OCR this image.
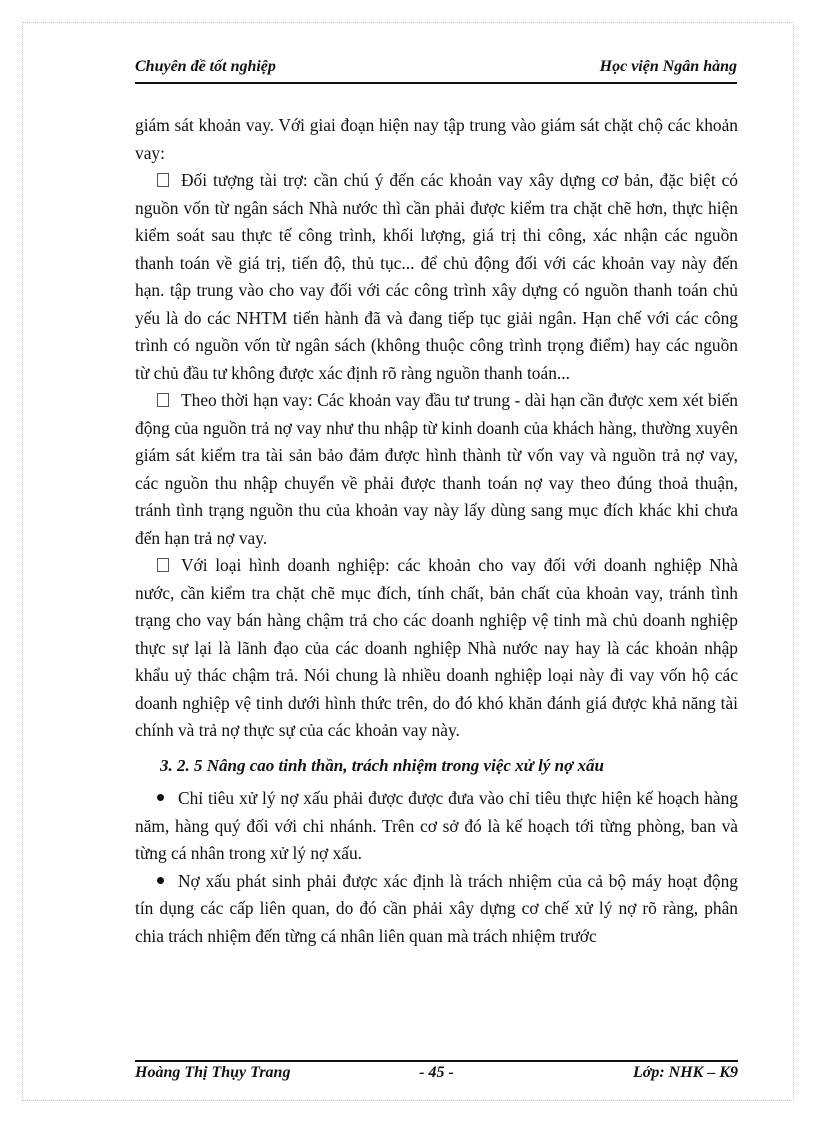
Chuyên đề tốt nghiệp	Học viện Ngân hàng

giám sát khoản vay. Với giai đoạn hiện nay tập trung vào giám sát chặt chộ các khoản vay:

Đối tượng tài trợ: cần chú ý đến các khoản vay xây dựng cơ bản, đặc biệt có nguồn vốn từ ngân sách Nhà nước thì cần phải được kiểm tra chặt chẽ hơn, thực hiện kiểm soát sau thực tế công trình, khối lượng, giá trị thi công, xác nhận các nguồn thanh toán về giá trị, tiến độ, thủ tục... để chủ động đối với các khoản vay này đến hạn. tập trung vào cho vay đối với các công trình xây dựng có nguồn thanh toán chủ yếu là do các NHTM tiến hành đã và đang tiếp tục giải ngân. Hạn chế với các công trình có nguồn vốn từ ngân sách (không thuộc công trình trọng điểm) hay các nguồn từ chủ đầu tư không được xác định rõ ràng nguồn thanh toán...

Theo thời hạn vay: Các khoản vay đầu tư trung - dài hạn cần được xem xét biến động của nguồn trả nợ vay như thu nhập từ kinh doanh của khách hàng, thường xuyên giám sát kiểm tra tài sản bảo đảm được hình thành từ vốn vay và nguồn trả nợ vay, các nguồn thu nhập chuyển về phải được thanh toán nợ vay theo đúng thoả thuận, tránh tình trạng nguồn thu của khoản vay này lấy dùng sang mục đích khác khi chưa đến hạn trả nợ vay.

Với loại hình doanh nghiệp: các khoản cho vay đối với doanh nghiệp Nhà nước, cần kiểm tra chặt chẽ mục đích, tính chất, bản chất của khoản vay, tránh tình trạng cho vay bán hàng chậm trả cho các doanh nghiệp vệ tinh mà chủ doanh nghiệp thực sự lại là lãnh đạo của các doanh nghiệp Nhà nước nay hay là các khoản nhập khẩu uỷ thác chậm trả. Nói chung là nhiều doanh nghiệp loại này đi vay vốn hộ các doanh nghiệp vệ tinh dưới hình thức trên, do đó khó khăn đánh giá được khả năng tài chính và trả nợ thực sự của các khoản vay này.

3. 2. 5 Nâng cao tinh thần, trách nhiệm trong việc xử lý nợ xấu

Chỉ tiêu xử lý nợ xấu phải được được đưa vào chỉ tiêu thực hiện kế hoạch hàng năm, hàng quý đối với chi nhánh. Trên cơ sở đó là kế hoạch tới từng phòng, ban và từng cá nhân trong xử lý nợ xấu.

Nợ xấu phát sinh phải được xác định là trách nhiệm của cả bộ máy hoạt động tín dụng các cấp liên quan, do đó cần phải xây dựng cơ chế xử lý nợ rõ ràng, phân chia trách nhiệm đến từng cá nhân liên quan mà trách nhiệm trước

Hoàng Thị Thụy Trang	- 45 -	Lớp: NHK – K9
